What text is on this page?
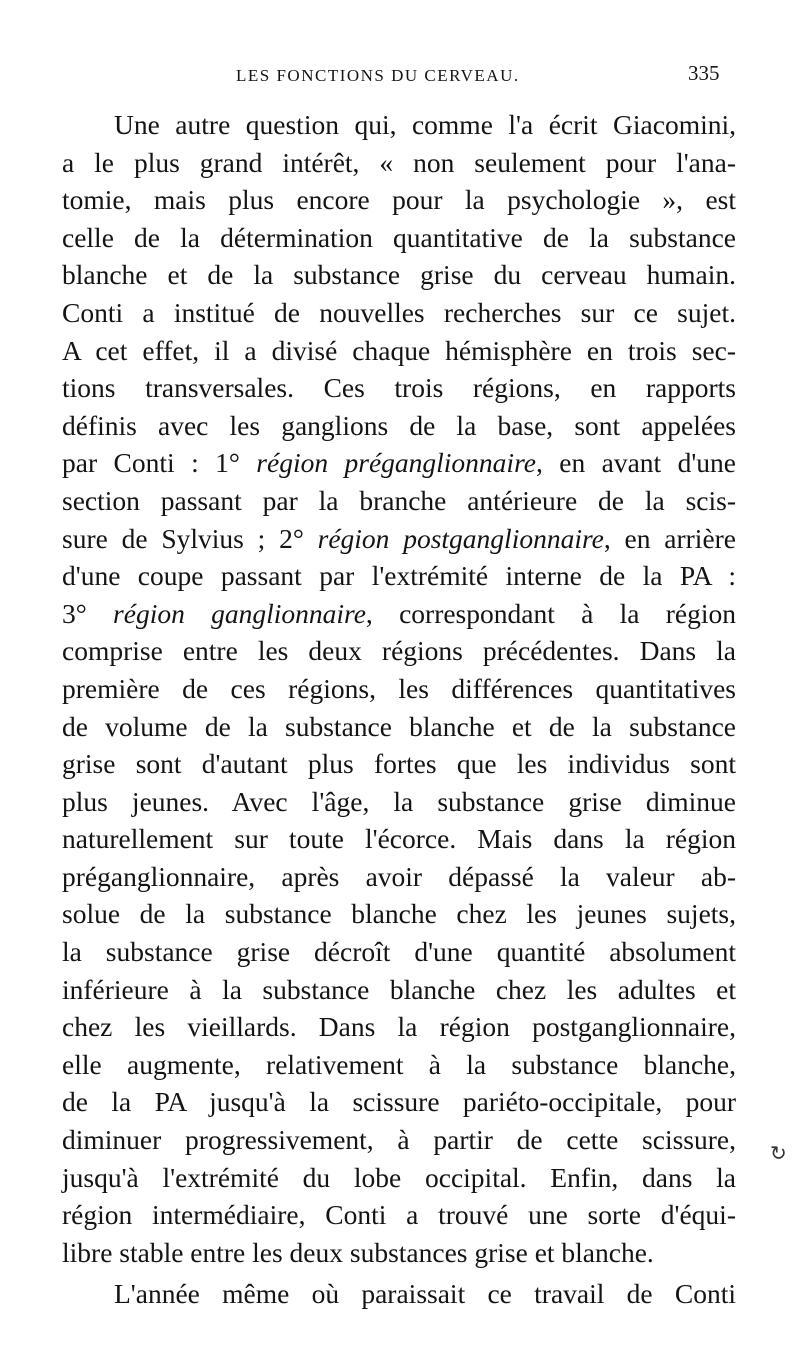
LES FONCTIONS DU CERVEAU.	335
Une autre question qui, comme l'a écrit Giacomini,
a le plus grand intérêt, « non seulement pour l'ana-
tomie, mais plus encore pour la psychologie », est
celle de la détermination quantitative de la substance
blanche et de la substance grise du cerveau humain.
Conti a institué de nouvelles recherches sur ce sujet.
A cet effet, il a divisé chaque hémisphère en trois sec-
tions transversales. Ces trois régions, en rapports
définis avec les ganglions de la base, sont appelées
par Conti : 1° région préganglionnaire, en avant d'une
section passant par la branche antérieure de la scis-
sure de Sylvius ; 2° région postganglionnaire, en arrière
d'une coupe passant par l'extrémité interne de la PA :
3° région ganglionnaire, correspondant à la région
comprise entre les deux régions précédentes. Dans la
première de ces régions, les différences quantitatives
de volume de la substance blanche et de la substance
grise sont d'autant plus fortes que les individus sont
plus jeunes. Avec l'âge, la substance grise diminue
naturellement sur toute l'écorce. Mais dans la région
préganglionnaire, après avoir dépassé la valeur ab-
solue de la substance blanche chez les jeunes sujets,
la substance grise décroît d'une quantité absolument
inférieure à la substance blanche chez les adultes et
chez les vieillards. Dans la région postganglionnaire,
elle augmente, relativement à la substance blanche,
de la PA jusqu'à la scissure pariéto-occipitale, pour
diminuer progressivement, à partir de cette scissure,
jusqu'à l'extrémité du lobe occipital. Enfin, dans la
région intermédiaire, Conti a trouvé une sorte d'équi-
libre stable entre les deux substances grise et blanche.
L'année même où paraissait ce travail de Conti
↻
